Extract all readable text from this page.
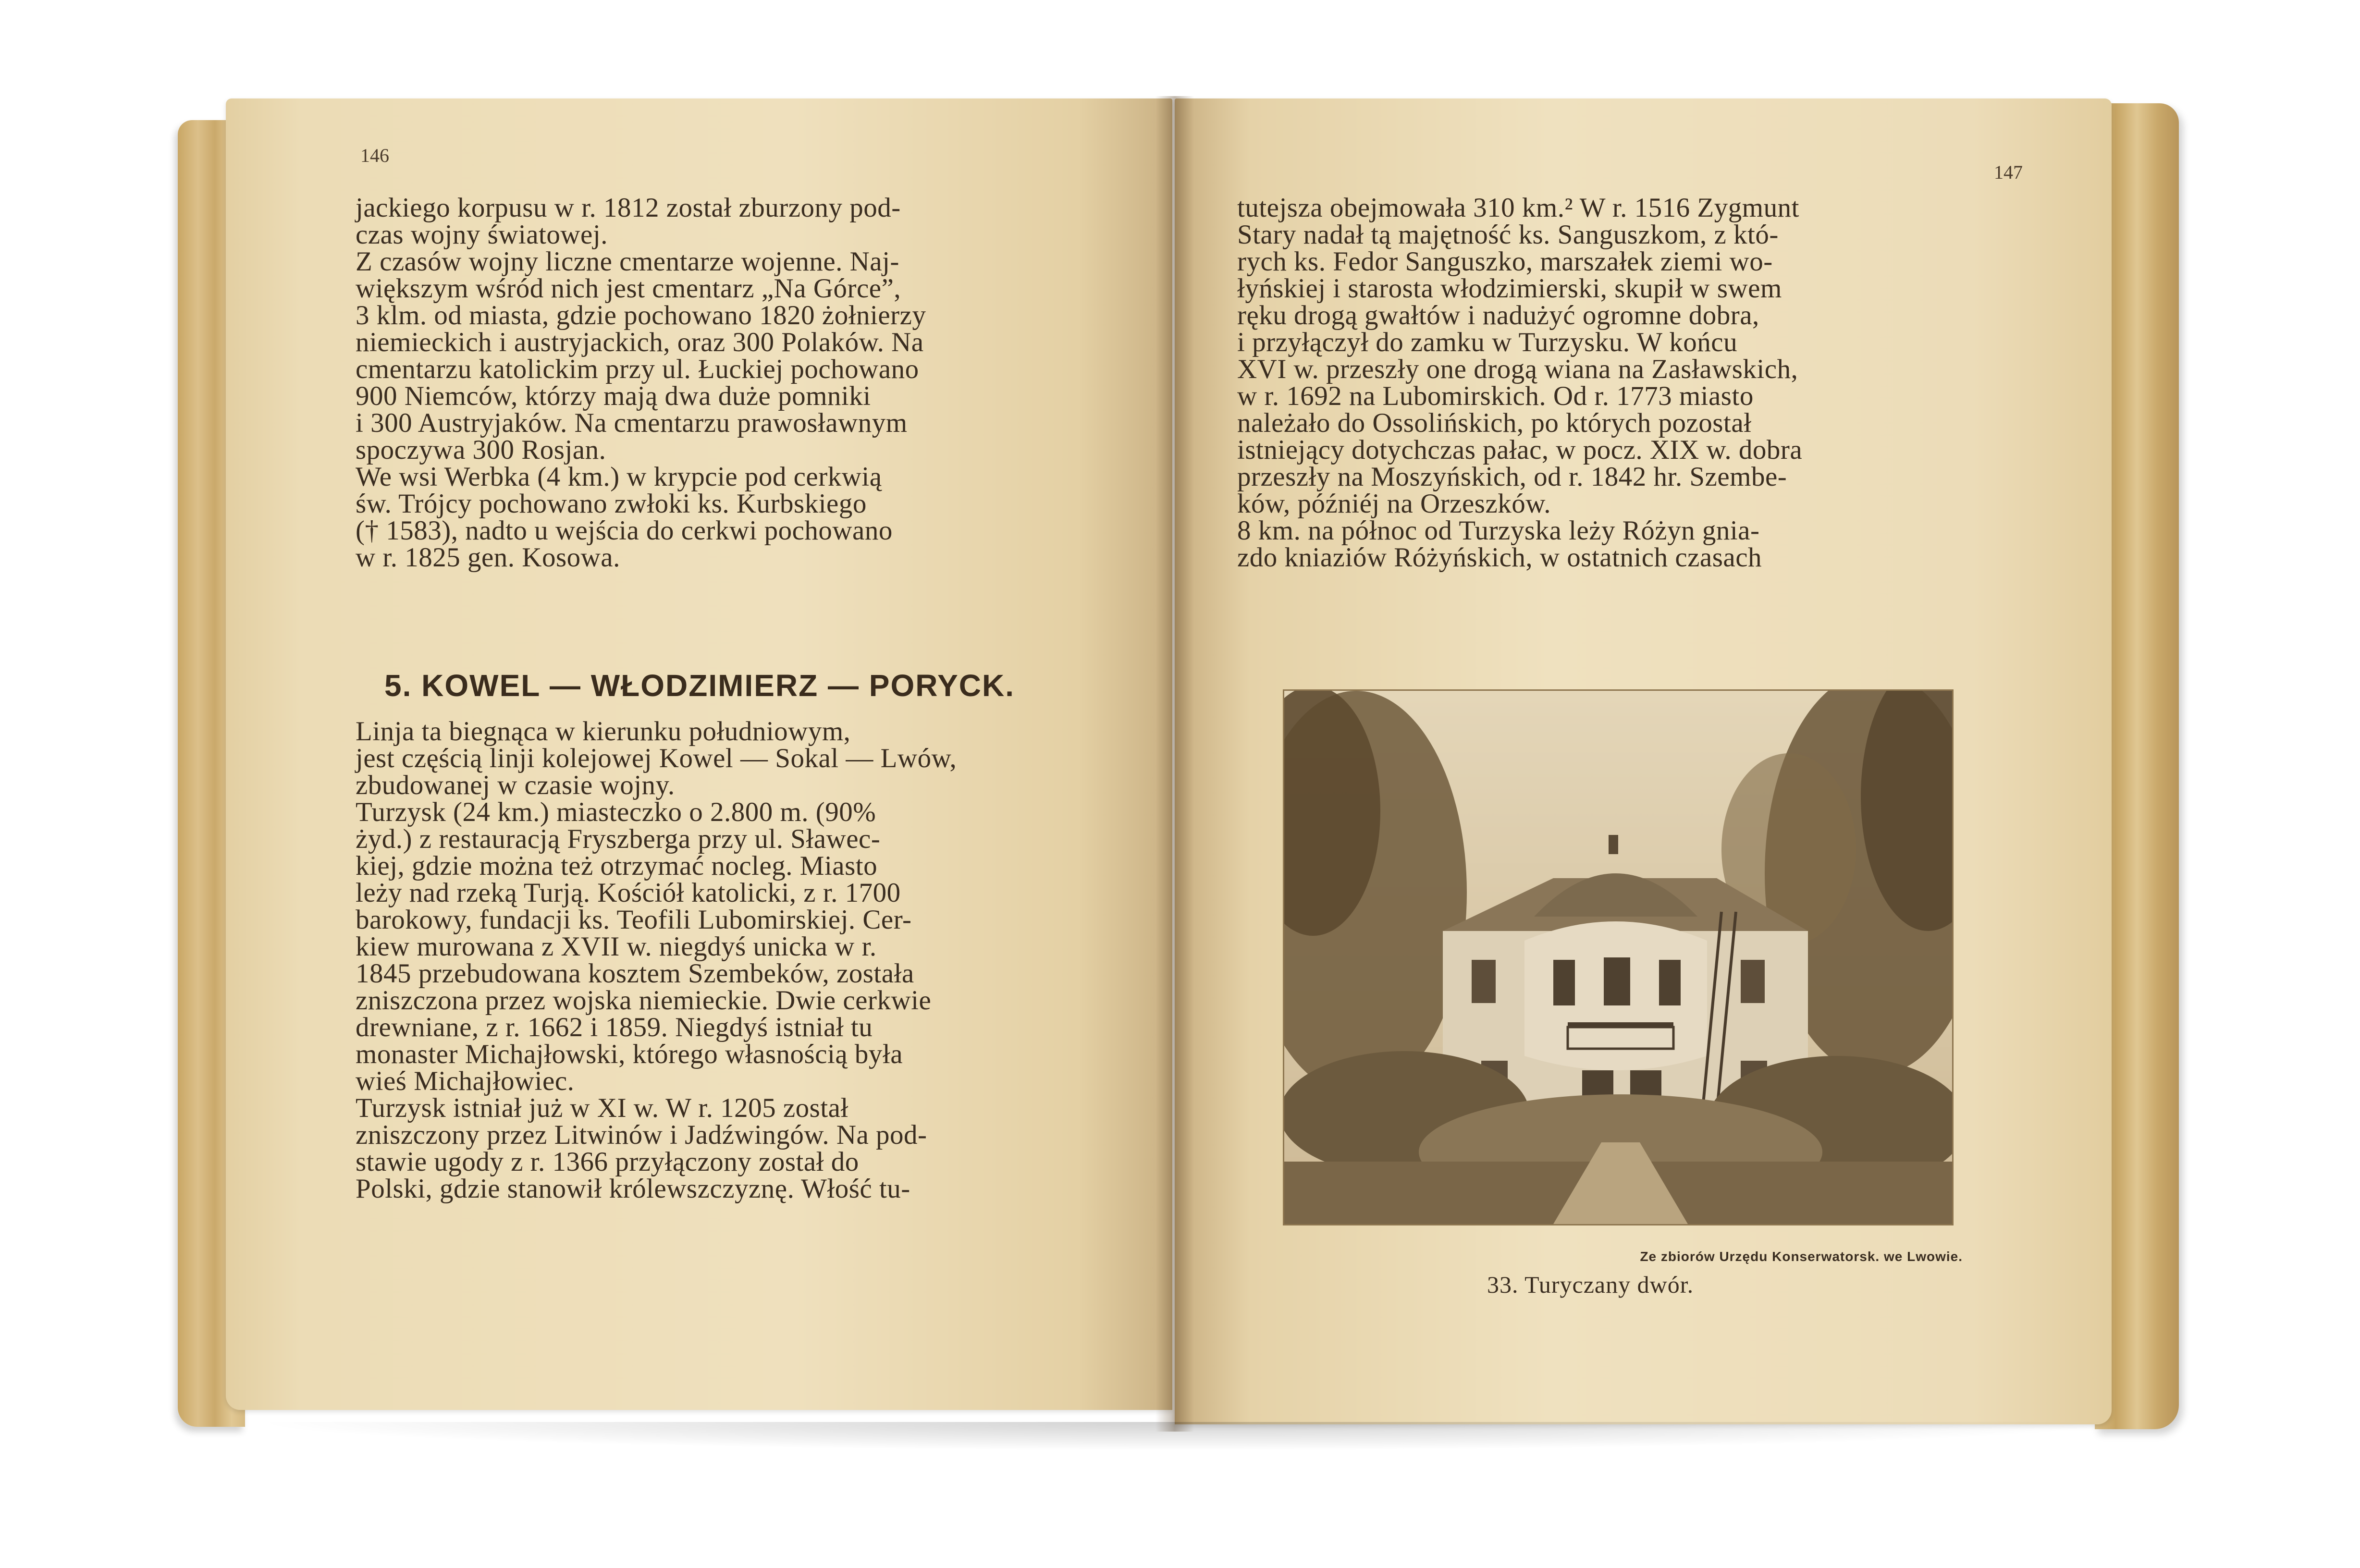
146
jackiego korpusu w r. 1812 został zburzony pod-
czas wojny światowej.
Z czasów wojny liczne cmentarze wojenne. Naj-
większym wśród nich jest cmentarz „Na Górce”,
3 klm. od miasta, gdzie pochowano 1820 żołnierzy
niemieckich i austryjackich, oraz 300 Polaków. Na
cmentarzu katolickim przy ul. Łuckiej pochowano
900 Niemców, którzy mają dwa duże pomniki
i 300 Austryjaków. Na cmentarzu prawosławnym
spoczywa 300 Rosjan.
We wsi Werbka (4 km.) w krypcie pod cerkwią
św. Trójcy pochowano zwłoki ks. Kurbskiego
(† 1583), nadto u wejścia do cerkwi pochowano
w r. 1825 gen. Kosowa.
5. KOWEL — WŁODZIMIERZ — PORYCK.
Linja ta biegnąca w kierunku południowym,
jest częścią linji kolejowej Kowel — Sokal — Lwów,
zbudowanej w czasie wojny.
Turzysk (24 km.) miasteczko o 2.800 m. (90%
żyd.) z restauracją Fryszberga przy ul. Sławec-
kiej, gdzie można też otrzymać nocleg. Miasto
leży nad rzeką Turją. Kościół katolicki, z r. 1700
barokowy, fundacji ks. Teofili Lubomirskiej. Cer-
kiew murowana z XVII w. niegdyś unicka w r.
1845 przebudowana kosztem Szembeków, została
zniszczona przez wojska niemieckie. Dwie cerkwie
drewniane, z r. 1662 i 1859. Niegdyś istniał tu
monaster Michajłowski, którego własnością była
wieś Michajłowiec.
Turzysk istniał już w XI w. W r. 1205 został
zniszczony przez Litwinów i Jadźwingów. Na pod-
stawie ugody z r. 1366 przyłączony został do
Polski, gdzie stanowił królewszczyznę. Włość tu-
147
tutejsza obejmowała 310 km.² W r. 1516 Zygmunt
Stary nadał tą majętność ks. Sanguszkom, z któ-
rych ks. Fedor Sanguszko, marszałek ziemi wo-
łyńskiej i starosta włodzimierski, skupił w swem
ręku drogą gwałtów i nadużyć ogromne dobra,
i przyłączył do zamku w Turzysku. W końcu
XVI w. przeszły one drogą wiana na Zasławskich,
w r. 1692 na Lubomirskich. Od r. 1773 miasto
należało do Ossolińskich, po których pozostał
istniejący dotychczas pałac, w pocz. XIX w. dobra
przeszły na Moszyńskich, od r. 1842 hr. Szembe-
ków, późniéj na Orzeszków.
8 km. na północ od Turzyska leży Różyn gnia-
zdo kniaziów Różyńskich, w ostatnich czasach
Ze zbiorów Urzędu Konserwatorsk. we Lwowie.
33. Turyczany dwór.
